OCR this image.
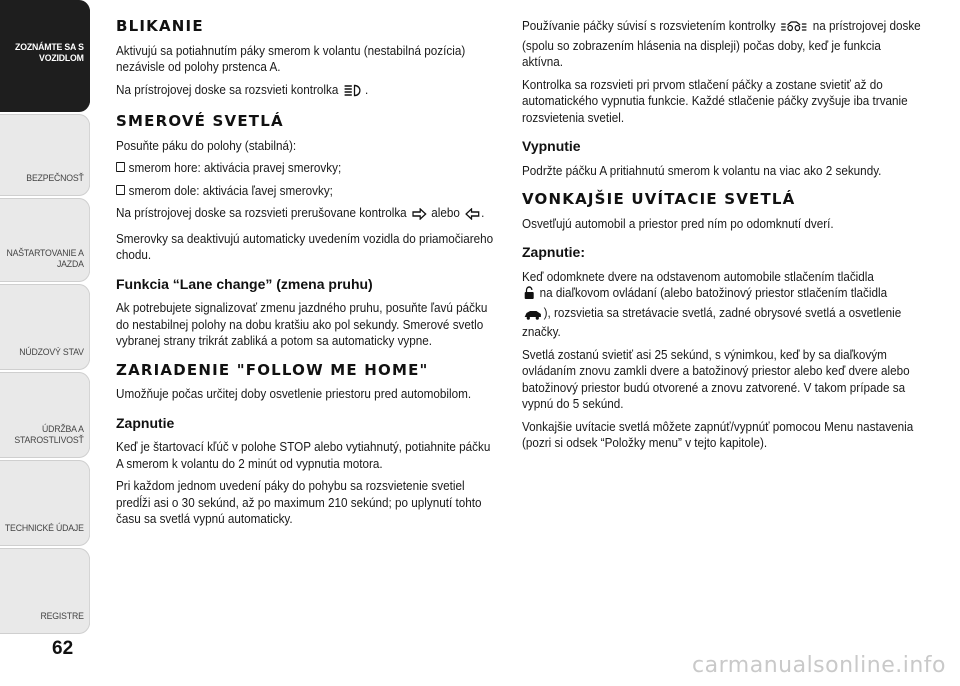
ZOZNÁMTE SA S VOZIDLOM
BEZPEČNOSŤ
NAŠTARTOVANIE A JAZDA
NÚDZOVÝ STAV
ÚDRŽBA A STAROSTLIVOSŤ
TECHNICKÉ ÚDAJE
REGISTRE
62
BLIKANIE

Aktivujú sa potiahnutím páky smerom k volantu (nestabilná pozícia) nezávisle od polohy prstenca A.

Na prístrojovej doske sa rozsvieti kontrolka .

SMEROVÉ SVETLÁ

Posuňte páku do polohy (stabilná):

smerom hore: aktivácia pravej smerovky;

smerom dole: aktivácia ľavej smerovky;

Na prístrojovej doske sa rozsvieti prerušovane kontrolka alebo .

Smerovky sa deaktivujú automaticky uvedením vozidla do priamočiareho chodu.

Funkcia “Lane change” (zmena pruhu)

Ak potrebujete signalizovať zmenu jazdného pruhu, posuňte ľavú páčku do nestabilnej polohy na dobu kratšiu ako pol sekundy. Smerové svetlo vybranej strany trikrát zabliká a potom sa automaticky vypne.

ZARIADENIE "FOLLOW ME HOME"

Umožňuje počas určitej doby osvetlenie priestoru pred automobilom.

Zapnutie

Keď je štartovací kľúč v polohe STOP alebo vytiahnutý, potiahnite páčku A smerom k volantu do 2 minút od vypnutia motora.

Pri každom jednom uvedení páky do pohybu sa rozsvietenie svetiel predĺži asi o 30 sekúnd, až po maximum 210 sekúnd; po uplynutí tohto času sa svetlá vypnú automaticky.

Používanie páčky súvisí s rozsvietením kontrolky	na prístrojovej doske (spolu so zobrazením hlásenia na displeji) počas doby, keď je funkcia aktívna.

Kontrolka sa rozsvieti pri prvom stlačení páčky a zostane svietiť až do automatického vypnutia funkcie. Každé stlačenie páčky zvyšuje iba trvanie rozsvietenia svetiel.

Vypnutie

Podržte páčku A pritiahnutú smerom k volantu na viac ako 2 sekundy.

VONKAJŠIE UVÍTACIE SVETLÁ

Osvetľujú automobil a priestor pred ním po odomknutí dverí.

Zapnutie:

Keď odomknete dvere na odstavenom automobile stlačením tlačidla
na diaľkovom ovládaní (alebo batožinový priestor stlačením tlačidla
), rozsvietia sa stretávacie svetlá, zadné obrysové svetlá a osvetlenie značky.

Svetlá zostanú svietiť asi 25 sekúnd, s výnimkou, keď by sa diaľkovým ovládaním znovu zamkli dvere a batožinový priestor alebo keď dvere alebo batožinový priestor budú otvorené a znovu zatvorené. V takom prípade sa vypnú do 5 sekúnd.

Vonkajšie uvítacie svetlá môžete zapnúť/vypnúť pomocou Menu nastavenia (pozri si odsek “Položky menu” v tejto kapitole).

carmanualsonline.info
